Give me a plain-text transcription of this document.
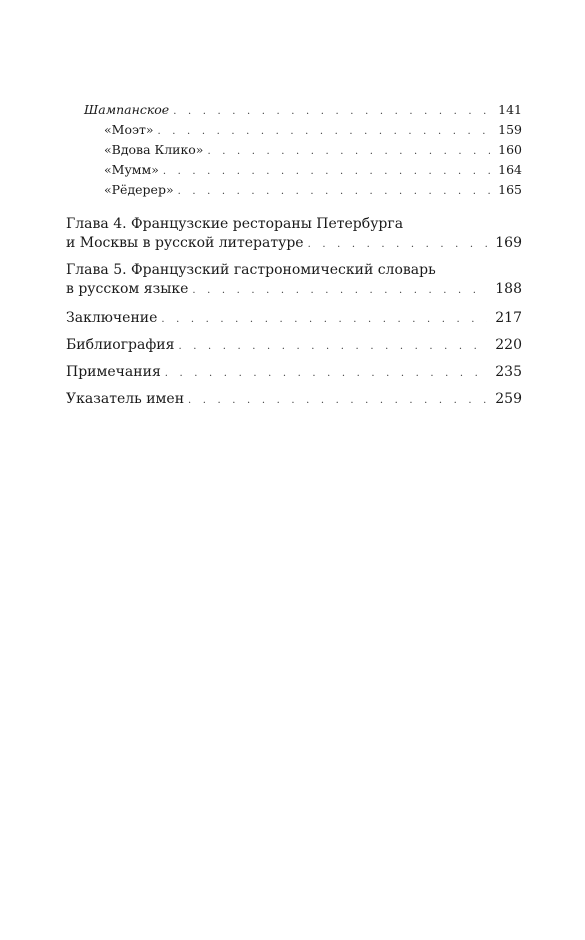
Шампанское . . .	141
«Моэт» . . .	159
«Вдова Клико» . . .	160
«Мумм» . . .	164
«Рёдерер» . . .	165
Глава 4. Французские рестораны Петербурга
и Москвы в русской литературе . . .	169
Глава 5. Французский гастрономический словарь
в русском языке . . .	188
Заключение . . .	217
Библиография . . .	220
Примечания . . .	235
Указатель имен . . .	259
